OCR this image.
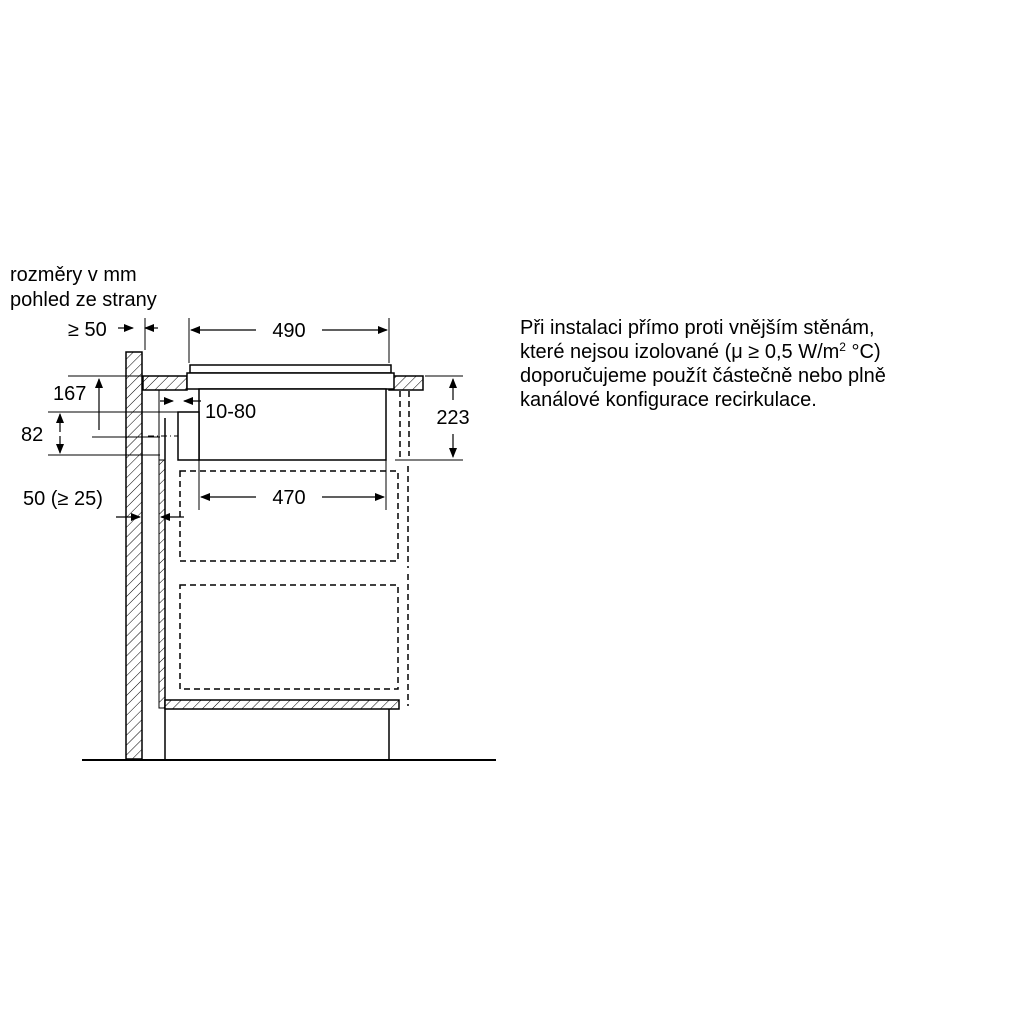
rozměry v mm
pohled ze strany
≥ 50	490
167
82
10-80	223
470
50 (≥ 25)
Při instalaci přímo proti vnějším stěnám,
které nejsou izolované (μ ≥ 0,5 $W/m^2$ °C)
doporučujeme použít částečně nebo plně
kanálové konfigurace recirkulace.
